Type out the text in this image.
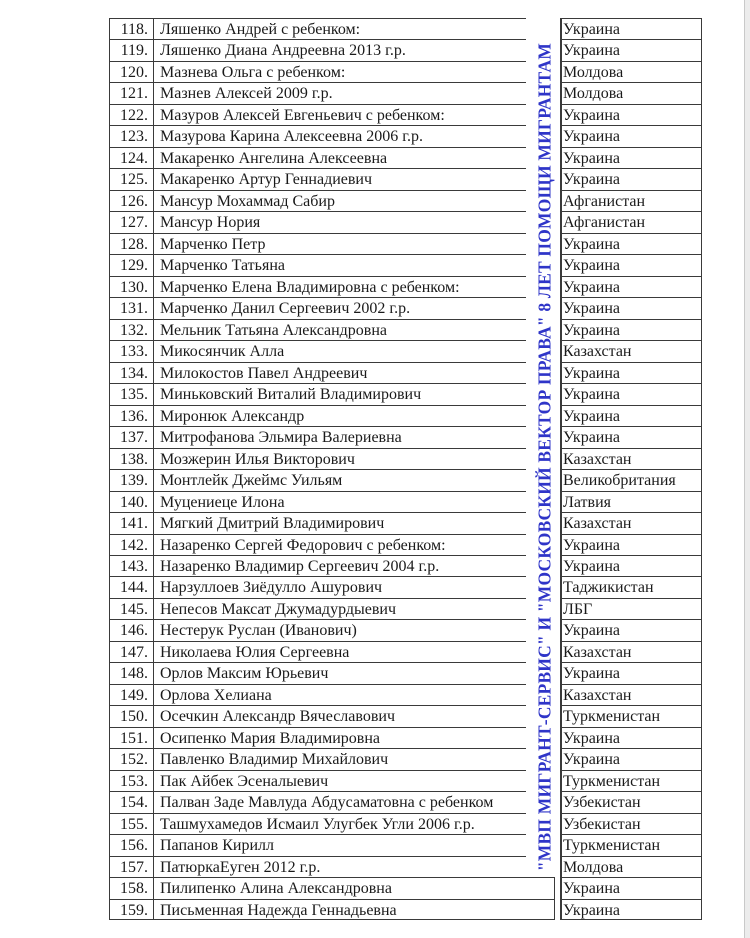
118. Ляшенко Андрей с ребенком:	Украина
119. Ляшенко Диана Андреевна 2013 г.р.	Украина
120. Мазнева Ольга с ребенком:	Молдова
121. Мазнев Алексей 2009 г.р.	Молдова
122. Мазуров Алексей Евгеньевич с ребенком:	Украина
123. Мазурова Карина Алексеевна 2006 г.р.	Украина
124. Макаренко Ангелина Алексеевна	Украина
125. Макаренко Артур Геннадиевич	Украина
126. Мансур Мохаммад Сабир	Афганистан
127. Мансур Нория	Афганистан
128. Марченко Петр	Украина
129. Марченко Татьяна	Украина
130. Марченко Елена Владимировна с ребенком:	Украина
131. Марченко Данил Сергеевич 2002 г.р.	Украина
132. Мельник Татьяна Александровна	Украина
133. Микосянчик Алла	Казахстан
134. Милокостов Павел Андреевич	Украина
135. Миньковский Виталий Владимирович	Украина
136. Миронюк Александр	Украина
137. Митрофанова Эльмира Валериевна	Украина
138. Мозжерин Илья Викторович	Казахстан
139. Монтлейк Джеймс Уильям	Великобритания
140. Муцениеце Илона	Латвия
141. Мягкий Дмитрий Владимирович	Казахстан
142. Назаренко Сергей Федорович с ребенком:	Украина
143. Назаренко Владимир Сергеевич 2004 г.р.	Украина
144. Нарзуллоев Зиёдулло Ашурович	Таджикистан
145. Непесов Максат Джумадурдыевич	ЛБГ
146. Нестерук Руслан (Иванович)	Украина
147. Николаева Юлия Сергеевна	Казахстан
148. Орлов Максим Юрьевич	Украина
149. Орлова Хелиана	Казахстан
150. Осечкин Александр Вячеславович	Туркменистан
151. Осипенко Мария Владимировна	Украина
152. Павленко Владимир Михайлович	Украина
153. Пак Айбек Эсеналыевич	Туркменистан
154. Палван Заде Мавлуда Абдусаматовна с ребенком	Узбекистан
155. Ташмухамедов Исмаил Улугбек Угли 2006 г.р.	Узбекистан
156. Папанов Кирилл	Туркменистан
157. ПатюркаЕуген 2012 г.р.	Молдова
158. Пилипенко Алина Александровна	Украина
159. Письменная Надежда Геннадьевна	Украина
"МВП МИГРАНТ-СЕРВИС" И "МОСКОВСКИЙ ВЕКТОР ПРАВА" 8 ЛЕТ ПОМОЩИ МИГРАНТАМ
